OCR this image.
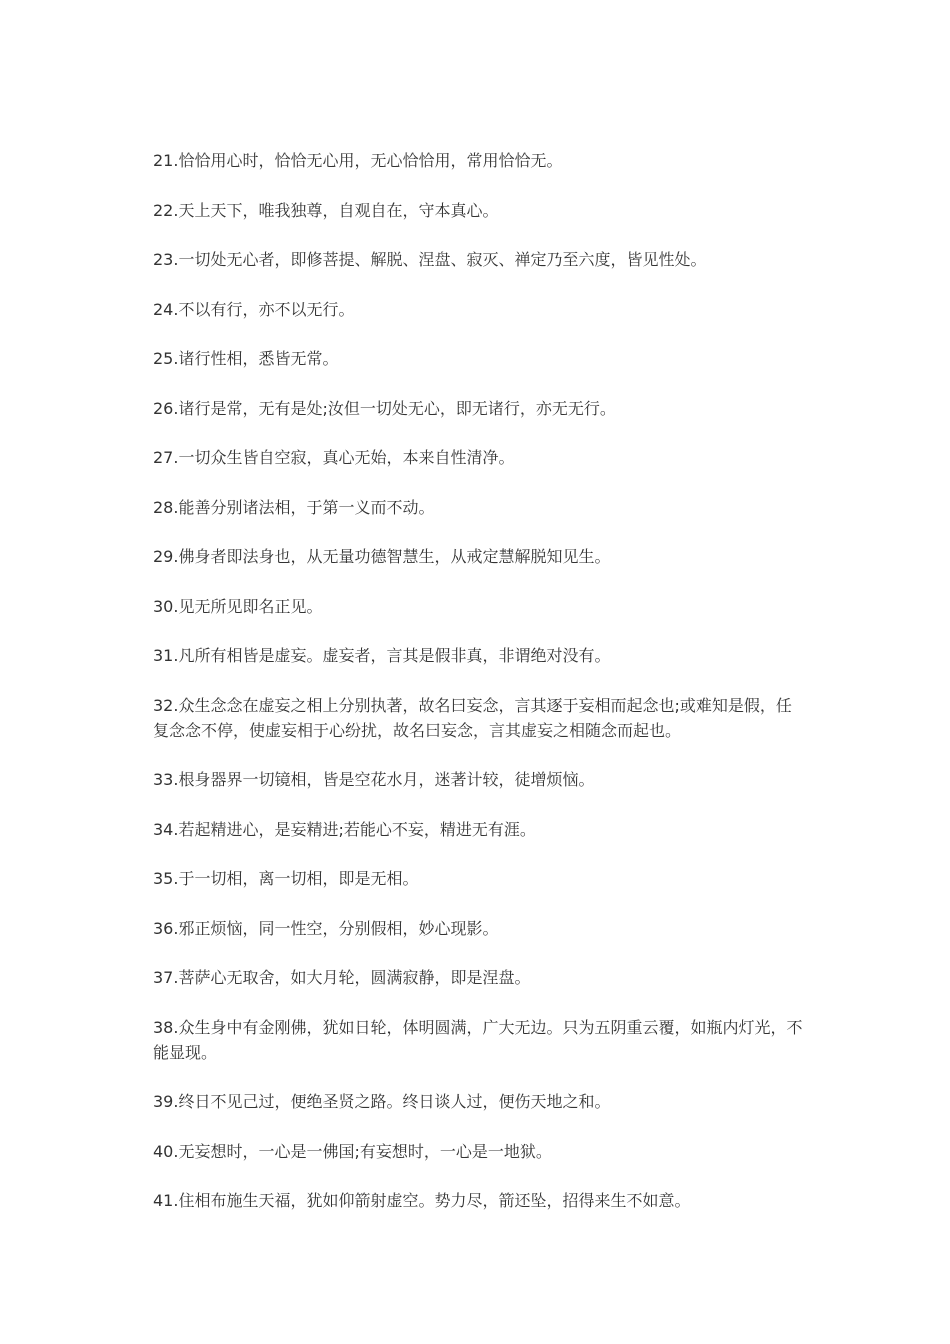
21.恰恰用心时，恰恰无心用，无心恰恰用，常用恰恰无。

22.天上天下，唯我独尊，自观自在，守本真心。

23.一切处无心者，即修菩提、解脱、涅盘、寂灭、禅定乃至六度，皆见性处。

24.不以有行，亦不以无行。

25.诸行性相，悉皆无常。

26.诸行是常，无有是处;汝但一切处无心，即无诸行，亦无无行。

27.一切众生皆自空寂，真心无始，本来自性清净。

28.能善分别诸法相，于第一义而不动。

29.佛身者即法身也，从无量功德智慧生，从戒定慧解脱知见生。

30.见无所见即名正见。

31.凡所有相皆是虚妄。虚妄者，言其是假非真，非谓绝对没有。

32.众生念念在虚妄之相上分别执著，故名曰妄念，言其逐于妄相而起念也;或难知是假，任复念念不停，使虚妄相于心纷扰，故名曰妄念，言其虚妄之相随念而起也。

33.根身器界一切镜相，皆是空花水月，迷著计较，徒增烦恼。

34.若起精进心，是妄精进;若能心不妄，精进无有涯。

35.于一切相，离一切相，即是无相。

36.邪正烦恼，同一性空，分别假相，妙心现影。

37.菩萨心无取舍，如大月轮，圆满寂静，即是涅盘。

38.众生身中有金刚佛，犹如日轮，体明圆满，广大无边。只为五阴重云覆，如瓶内灯光，不能显现。

39.终日不见己过，便绝圣贤之路。终日谈人过，便伤天地之和。

40.无妄想时，一心是一佛国;有妄想时，一心是一地狱。

41.住相布施生天福，犹如仰箭射虚空。势力尽，箭还坠，招得来生不如意。
